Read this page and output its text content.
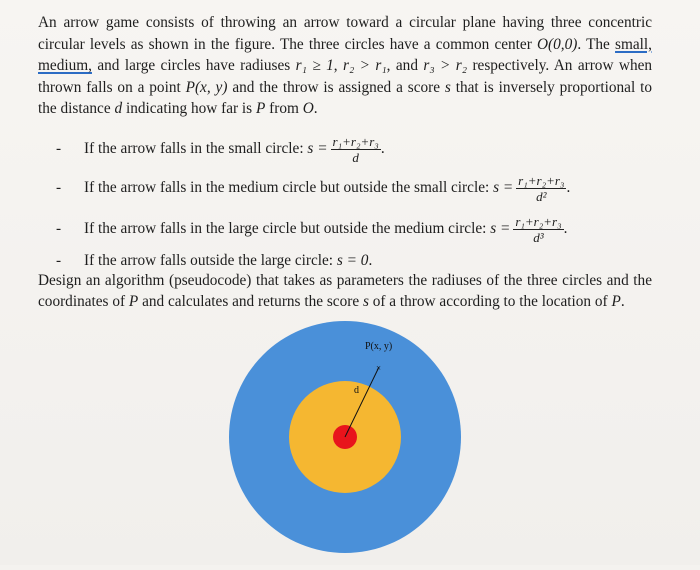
An arrow game consists of throwing an arrow toward a circular plane having three concentric circular levels as shown in the figure. The three circles have a common center O(0,0). The small, medium, and large circles have radiuses r₁ ≥ 1, r₂ > r₁, and r₃ > r₂ respectively. An arrow when thrown falls on a point P(x, y) and the throw is assigned a score s that is inversely proportional to the distance d indicating how far is P from O.

- If the arrow falls in the small circle: $s = \frac{\text{r₁+r₂+r₃}}{d}$ .
- If the arrow falls in the medium circle but outside the small circle: $s = \frac{\text{r₁+r₂+r₃}}{\text{d²}}$ .
- If the arrow falls in the large circle but outside the medium circle: $s = \frac{\text{r₁+r₂+r₃}}{\text{d³}}$ .
- If the arrow falls outside the large circle: s = 0.

Design an algorithm (pseudocode) that takes as parameters the radiuses of the three circles and the coordinates of P and calculates and returns the score s of a throw according to the location of P.

×
P(x, y)
d
